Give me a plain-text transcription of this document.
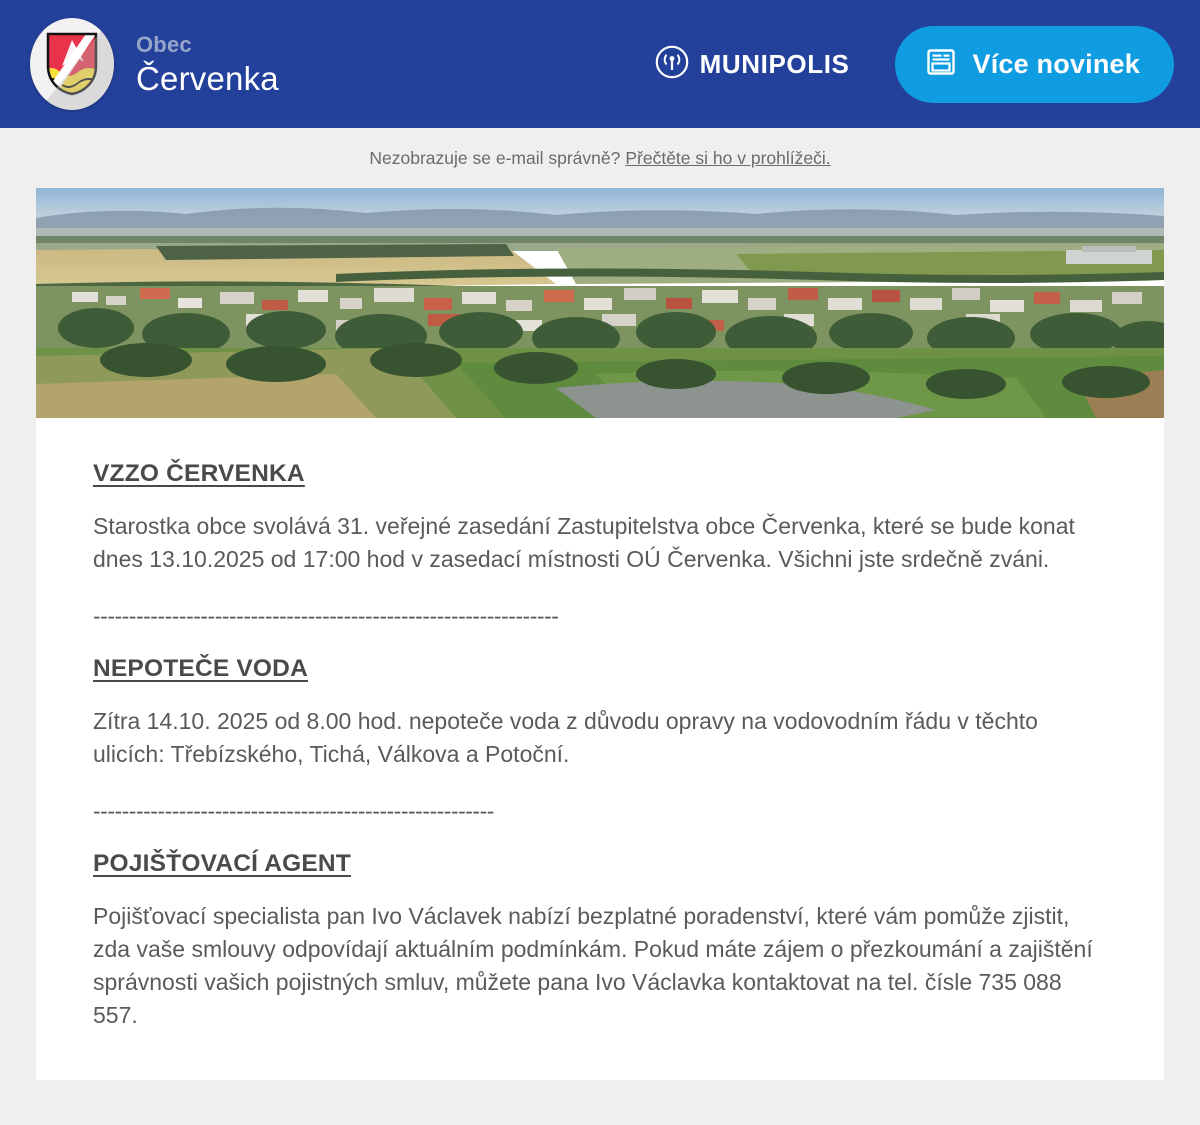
Obec
Červenka	MUNIPOLIS	Více novinek
Nezobrazuje se e-mail správně? Přečtěte si ho v prohlížeči.
VZZO ČERVENKA

Starostka obce svolává 31. veřejné zasedání Zastupitelstva obce Červenka, které se bude konat dnes 13.10.2025 od 17:00 hod v zasedací místnosti OÚ Červenka. Všichni jste srdečně zváni.

-----------------------------------------------------------------
NEPOTEČE VODA

Zítra 14.10. 2025 od 8.00 hod. nepoteče voda z důvodu opravy na vodovodním řádu v těchto ulicích: Třebízského, Tichá, Válkova a Potoční.

--------------------------------------------------------
POJIŠŤOVACÍ AGENT

Pojišťovací specialista pan Ivo Václavek nabízí bezplatné poradenství, které vám pomůže zjistit, zda vaše smlouvy odpovídají aktuálním podmínkám. Pokud máte zájem o přezkoumání a zajištění správnosti vašich pojistných smluv, můžete pana Ivo Václavka kontaktovat na tel. čísle 735 088 557.
